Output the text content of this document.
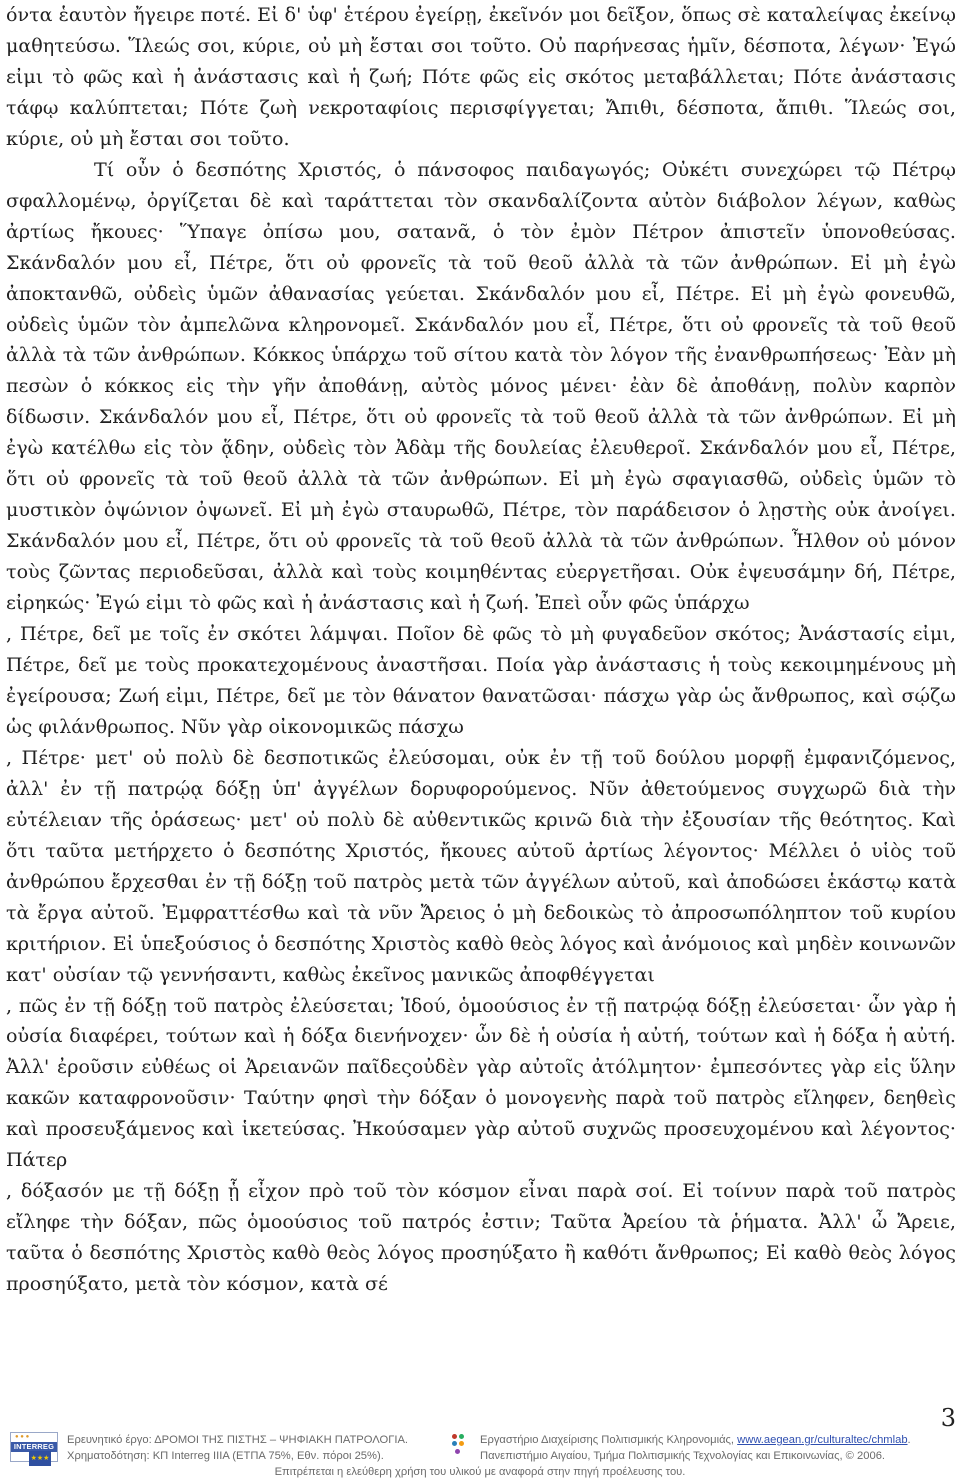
όντα ἑαυτὸν ἤγειρε ποτέ. Εἰ δ' ὑφ' ἑτέρου ἐγείρῃ, ἐκεῖνόν μοι δεῖξον, ὅπως σὲ καταλείψας ἐκείνῳ μαθητεύσω. Ἵλεώς σοι, κύριε, οὐ μὴ ἔσται σοι τοῦτο. Οὐ παρήνεσας ἡμῖν, δέσποτα, λέγων· Ἐγώ εἰμι τὸ φῶς καὶ ἡ ἀνάστασις καὶ ἡ ζωή; Πότε φῶς εἰς σκότος μεταβάλλεται; Πότε ἀνάστασις τάφῳ καλύπτεται; Πότε ζωὴ νεκροταφίοις περισφίγγεται; Ἄπιθι, δέσποτα, ἄπιθι. Ἵλεώς σοι, κύριε, οὐ μὴ ἔσται σοι τοῦτο.

Τί οὖν ὁ δεσπότης Χριστός, ὁ πάνσοφος παιδαγωγός; Οὐκέτι συνεχώρει τῷ Πέτρῳ σφαλλομένῳ, ὀργίζεται δὲ καὶ ταράττεται τὸν σκανδαλίζοντα αὐτὸν διάβολον λέγων, καθὼς ἀρτίως ἤκουες· Ὕπαγε ὀπίσω μου, σατανᾶ, ὁ τὸν ἐμὸν Πέτρον ἀπιστεῖν ὑπονοθεύσας. Σκάνδαλόν μου εἶ, Πέτρε, ὅτι οὐ φρονεῖς τὰ τοῦ θεοῦ ἀλλὰ τὰ τῶν ἀνθρώπων. Εἰ μὴ ἐγὼ ἀποκτανθῶ, οὐδεὶς ὑμῶν ἀθανασίας γεύεται. Σκάνδαλόν μου εἶ, Πέτρε. Εἰ μὴ ἐγὼ φονευθῶ, οὐδεὶς ὑμῶν τὸν ἀμπελῶνα κληρονομεῖ. Σκάνδαλόν μου εἶ, Πέτρε, ὅτι οὐ φρονεῖς τὰ τοῦ θεοῦ ἀλλὰ τὰ τῶν ἀνθρώπων. Κόκκος ὑπάρχω τοῦ σίτου κατὰ τὸν λόγον τῆς ἐνανθρωπήσεως· Ἐὰν μὴ πεσὼν ὁ κόκκος εἰς τὴν γῆν ἀποθάνῃ, αὐτὸς μόνος μένει· ἐὰν δὲ ἀποθάνῃ, πολὺν καρπὸν δίδωσιν. Σκάνδαλόν μου εἶ, Πέτρε, ὅτι οὐ φρονεῖς τὰ τοῦ θεοῦ ἀλλὰ τὰ τῶν ἀνθρώπων. Εἰ μὴ ἐγὼ κατέλθω εἰς τὸν ᾅδην, οὐδεὶς τὸν Ἀδὰμ τῆς δουλείας ἐλευθεροῖ. Σκάνδαλόν μου εἶ, Πέτρε, ὅτι οὐ φρονεῖς τὰ τοῦ θεοῦ ἀλλὰ τὰ τῶν ἀνθρώπων. Εἰ μὴ ἐγὼ σφαγιασθῶ, οὐδεὶς ὑμῶν τὸ μυστικὸν ὀψώνιον ὀψωνεῖ. Εἰ μὴ ἐγὼ σταυρωθῶ, Πέτρε, τὸν παράδεισον ὁ λῃστὴς οὐκ ἀνοίγει. Σκάνδαλόν μου εἶ, Πέτρε, ὅτι οὐ φρονεῖς τὰ τοῦ θεοῦ ἀλλὰ τὰ τῶν ἀνθρώπων. Ἦλθον οὐ μόνον τοὺς ζῶντας περιοδεῦσαι, ἀλλὰ καὶ τοὺς κοιμηθέντας εὐεργετῆσαι. Οὐκ ἐψευσάμην δή, Πέτρε, εἰρηκώς· Ἐγώ εἰμι τὸ φῶς καὶ ἡ ἀνάστασις καὶ ἡ ζωή. Ἐπεὶ οὖν φῶς ὑπάρχω

, Πέτρε, δεῖ με τοῖς ἐν σκότει λάμψαι. Ποῖον δὲ φῶς τὸ μὴ φυγαδεῦον σκότος; Ἀνάστασίς εἰμι, Πέτρε, δεῖ με τοὺς προκατεχομένους ἀναστῆσαι. Ποία γὰρ ἀνάστασις ἡ τοὺς κεκοιμημένους μὴ ἐγείρουσα; Ζωή εἰμι, Πέτρε, δεῖ με τὸν θάνατον θανατῶσαι· πάσχω γὰρ ὡς ἄνθρωπος, καὶ σῴζω ὡς φιλάνθρωπος. Νῦν γὰρ οἰκονομικῶς πάσχω

, Πέτρε· μετ' οὐ πολὺ δὲ δεσποτικῶς ἐλεύσομαι, οὐκ ἐν τῇ τοῦ δούλου μορφῇ ἐμφανιζόμενος, ἀλλ' ἐν τῇ πατρῴᾳ δόξῃ ὑπ' ἀγγέλων δορυφορούμενος. Νῦν ἀθετούμενος συγχωρῶ διὰ τὴν εὐτέλειαν τῆς ὁράσεως· μετ' οὐ πολὺ δὲ αὐθεντικῶς κρινῶ διὰ τὴν ἐξουσίαν τῆς θεότητος. Καὶ ὅτι ταῦτα μετήρχετο ὁ δεσπότης Χριστός, ἤκουες αὐτοῦ ἀρτίως λέγοντος· Μέλλει ὁ υἱὸς τοῦ ἀνθρώπου ἔρχεσθαι ἐν τῇ δόξῃ τοῦ πατρὸς μετὰ τῶν ἀγγέλων αὐτοῦ, καὶ ἀποδώσει ἑκάστῳ κατὰ τὰ ἔργα αὐτοῦ. Ἐμφραττέσθω καὶ τὰ νῦν Ἄρειος ὁ μὴ δεδοικὼς τὸ ἀπροσωπόληπτον τοῦ κυρίου κριτήριον. Εἰ ὑπεξούσιος ὁ δεσπότης Χριστὸς καθὸ θεὸς λόγος καὶ ἀνόμοιος καὶ μηδὲν κοινωνῶν κατ' οὐσίαν τῷ γεννήσαντι, καθὼς ἐκεῖνος μανικῶς ἀποφθέγγεται

, πῶς ἐν τῇ δόξῃ τοῦ πατρὸς ἐλεύσεται; Ἰδού, ὁμοούσιος ἐν τῇ πατρῴᾳ δόξῃ ἐλεύσεται· ὧν γὰρ ἡ οὐσία διαφέρει, τούτων καὶ ἡ δόξα διενήνοχεν· ὧν δὲ ἡ οὐσία ἡ αὐτή, τούτων καὶ ἡ δόξα ἡ αὐτή. Ἀλλ' ἐροῦσιν εὐθέως οἱ Ἀρειανῶν παῖδεςοὐδὲν γὰρ αὐτοῖς ἀτόλμητον· ἐμπεσόντες γὰρ εἰς ὕλην κακῶν καταφρονοῦσιν· Ταύτην φησὶ τὴν δόξαν ὁ μονογενὴς παρὰ τοῦ πατρὸς εἴληφεν, δεηθεὶς καὶ προσευξάμενος καὶ ἱκετεύσας. Ἠκούσαμεν γὰρ αὐτοῦ συχνῶς προσευχομένου καὶ λέγοντος· Πάτερ

, δόξασόν με τῇ δόξῃ ᾗ εἶχον πρὸ τοῦ τὸν κόσμον εἶναι παρὰ σοί. Εἰ τοίνυν παρὰ τοῦ πατρὸς εἴληφε τὴν δόξαν, πῶς ὁμοούσιος τοῦ πατρός ἐστιν; Ταῦτα Ἀρείου τὰ ῥήματα. Ἀλλ' ὦ Ἄρειε, ταῦτα ὁ δεσπότης Χριστὸς καθὸ θεὸς λόγος προσηύξατο ἢ καθότι ἄνθρωπος; Εἰ καθὸ θεὸς λόγος προσηύξατο, μετὰ τὸν κόσμον, κατὰ σέ

3
● ● ●
INTERREG
★★★
Ερευνητικό έργο: ΔΡΟΜΟΙ ΤΗΣ ΠΙΣΤΗΣ – ΨΗΦΙΑΚΗ ΠΑΤΡΟΛΟΓΙΑ.
Χρηματοδότηση: ΚΠ Interreg IIIA (ΕΤΠΑ 75%, Εθν. πόροι 25%).
Εργαστήριο Διαχείρισης Πολιτισμικής Κληρονομιάς, www.aegean.gr/culturaltec/chmlab.
Πανεπιστήμιο Αιγαίου, Τμήμα Πολιτισμικής Τεχνολογίας και Επικοινωνίας, © 2006.
Επιτρέπεται η ελεύθερη χρήση του υλικού με αναφορά στην πηγή προέλευσης του.
